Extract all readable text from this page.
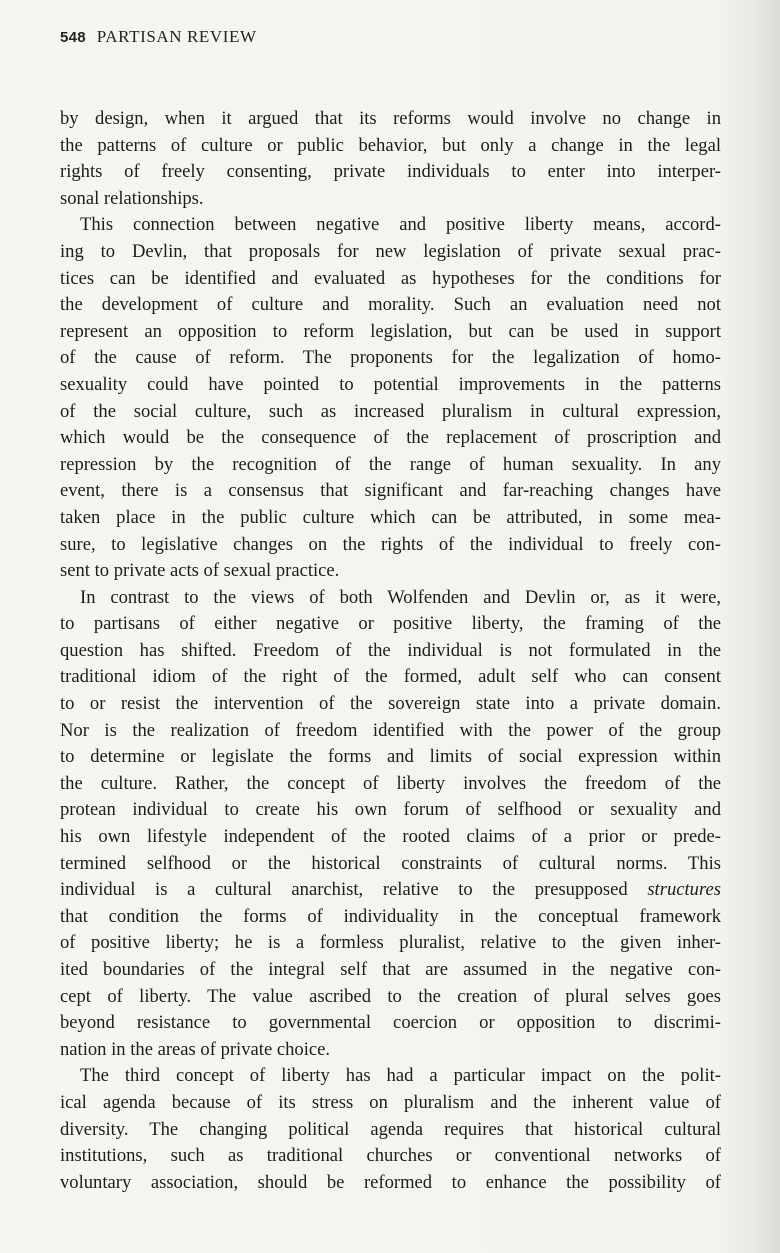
548 PARTISAN REVIEW
by design, when it argued that its reforms would involve no change in
the patterns of culture or public behavior, but only a change in the legal
rights of freely consenting, private individuals to enter into interper-
sonal relationships.
This connection between negative and positive liberty means, accord-
ing to Devlin, that proposals for new legislation of private sexual prac-
tices can be identified and evaluated as hypotheses for the conditions for
the development of culture and morality. Such an evaluation need not
represent an opposition to reform legislation, but can be used in support
of the cause of reform. The proponents for the legalization of homo-
sexuality could have pointed to potential improvements in the patterns
of the social culture, such as increased pluralism in cultural expression,
which would be the consequence of the replacement of proscription and
repression by the recognition of the range of human sexuality. In any
event, there is a consensus that significant and far-reaching changes have
taken place in the public culture which can be attributed, in some mea-
sure, to legislative changes on the rights of the individual to freely con-
sent to private acts of sexual practice.
In contrast to the views of both Wolfenden and Devlin or, as it were,
to partisans of either negative or positive liberty, the framing of the
question has shifted. Freedom of the individual is not formulated in the
traditional idiom of the right of the formed, adult self who can consent
to or resist the intervention of the sovereign state into a private domain.
Nor is the realization of freedom identified with the power of the group
to determine or legislate the forms and limits of social expression within
the culture. Rather, the concept of liberty involves the freedom of the
protean individual to create his own forum of selfhood or sexuality and
his own lifestyle independent of the rooted claims of a prior or prede-
termined selfhood or the historical constraints of cultural norms. This
individual is a cultural anarchist, relative to the presupposed structures
that condition the forms of individuality in the conceptual framework
of positive liberty; he is a formless pluralist, relative to the given inher-
ited boundaries of the integral self that are assumed in the negative con-
cept of liberty. The value ascribed to the creation of plural selves goes
beyond resistance to governmental coercion or opposition to discrimi-
nation in the areas of private choice.
The third concept of liberty has had a particular impact on the polit-
ical agenda because of its stress on pluralism and the inherent value of
diversity. The changing political agenda requires that historical cultural
institutions, such as traditional churches or conventional networks of
voluntary association, should be reformed to enhance the possibility of
